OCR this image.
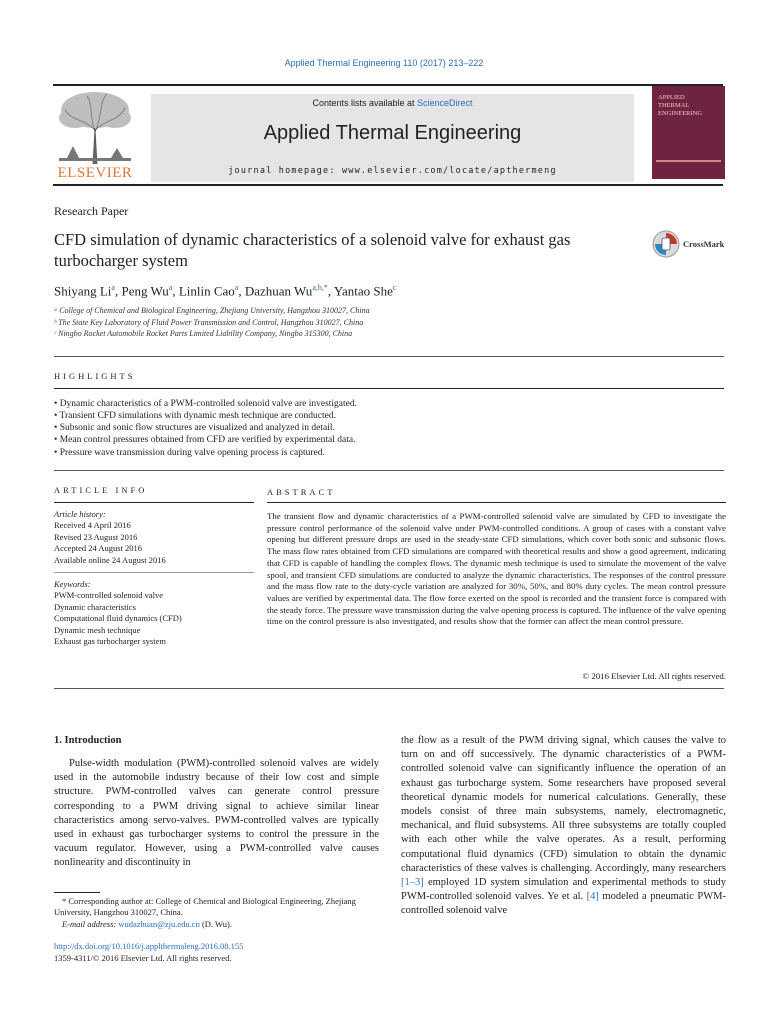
Applied Thermal Engineering 110 (2017) 213–222
ELSEVIER
Contents lists available at ScienceDirect
Applied Thermal Engineering
journal homepage: www.elsevier.com/locate/apthermeng
APPLIED
THERMAL
ENGINEERING
Research Paper
CFD simulation of dynamic characteristics of a solenoid valve for exhaust gas turbocharger system
CrossMark
Shiyang Li$^a$, Peng Wu$^a$, Linlin Cao$^a$, Dazhuan $Wu^{a,b,*}$, Yantao She$^c$
ᵃ College of Chemical and Biological Engineering, Zhejiang University, Hangzhou 310027, China
ᵇ The State Key Laboratory of Fluid Power Transmission and Control, Hangzhou 310027, China
ᶜ Ningbo Rocket Automobile Rocket Parts Limited Liability Company, Ningbo 315300, China
HIGHLIGHTS
• Dynamic characteristics of a PWM-controlled solenoid valve are investigated.
• Transient CFD simulations with dynamic mesh technique are conducted.
• Subsonic and sonic flow structures are visualized and analyzed in detail.
• Mean control pressures obtained from CFD are verified by experimental data.
• Pressure wave transmission during valve opening process is captured.
ARTICLE INFO
Article history:
Received 4 April 2016
Revised 23 August 2016
Accepted 24 August 2016
Available online 24 August 2016
Keywords:
PWM-controlled solenoid valve
Dynamic characteristics
Computational fluid dynamics (CFD)
Dynamic mesh technique
Exhaust gas turbocharger system
ABSTRACT
The transient flow and dynamic characteristics of a PWM-controlled solenoid valve are simulated by CFD to investigate the pressure control performance of the solenoid valve under PWM-controlled conditions. A group of cases with a constant valve opening but different pressure drops are used in the steady-state CFD simulations, which cover both sonic and subsonic flows. The mass flow rates obtained from CFD simulations are compared with theoretical results and show a good agreement, indicating that CFD is capable of handling the complex flows. The dynamic mesh technique is used to simulate the movement of the valve spool, and transient CFD simulations are conducted to analyze the dynamic characteristics. The responses of the control pressure and the mass flow rate to the duty-cycle variation are analyzed for 30%, 50%, and 80% duty cycles. The mean control pressure values are verified by experimental data. The flow force exerted on the spool is recorded and the transient force is compared with the steady force. The pressure wave transmission during the valve opening process is captured. The influence of the valve opening time on the control pressure is also investigated, and results show that the former can affect the mean control pressure.
© 2016 Elsevier Ltd. All rights reserved.
1. Introduction
Pulse-width modulation (PWM)-controlled solenoid valves are widely used in the automobile industry because of their low cost and simple structure. PWM-controlled valves can generate control pressure corresponding to a PWM driving signal to achieve similar linear characteristics among servo-valves. PWM-controlled valves are typically used in exhaust gas turbocharger systems to control the pressure in the vacuum regulator. However, using a PWM-controlled valve causes nonlinearity and discontinuity in
the flow as a result of the PWM driving signal, which causes the valve to turn on and off successively. The dynamic characteristics of a PWM-controlled solenoid valve can significantly influence the operation of an exhaust gas turbocharge system. Some researchers have proposed several theoretical dynamic models for numerical calculations. Generally, these models consist of three main subsystems, namely, electromagnetic, mechanical, and fluid subsystems. All three subsystems are totally coupled with each other while the valve operates. As a result, performing computational fluid dynamics (CFD) simulation to obtain the dynamic characteristics of these valves is challenging. Accordingly, many researchers [1–3] employed 1D system simulation and experimental methods to study PWM-controlled solenoid valves. Ye et al. [4] modeled a pneumatic PWM-controlled solenoid valve
* Corresponding author at: College of Chemical and Biological Engineering, Zhejiang University, Hangzhou 310027, China.
E-mail address: wudazhuan@zju.edu.cn (D. Wu).
http://dx.doi.org/10.1016/j.applthermaleng.2016.08.155
1359-4311/© 2016 Elsevier Ltd. All rights reserved.
